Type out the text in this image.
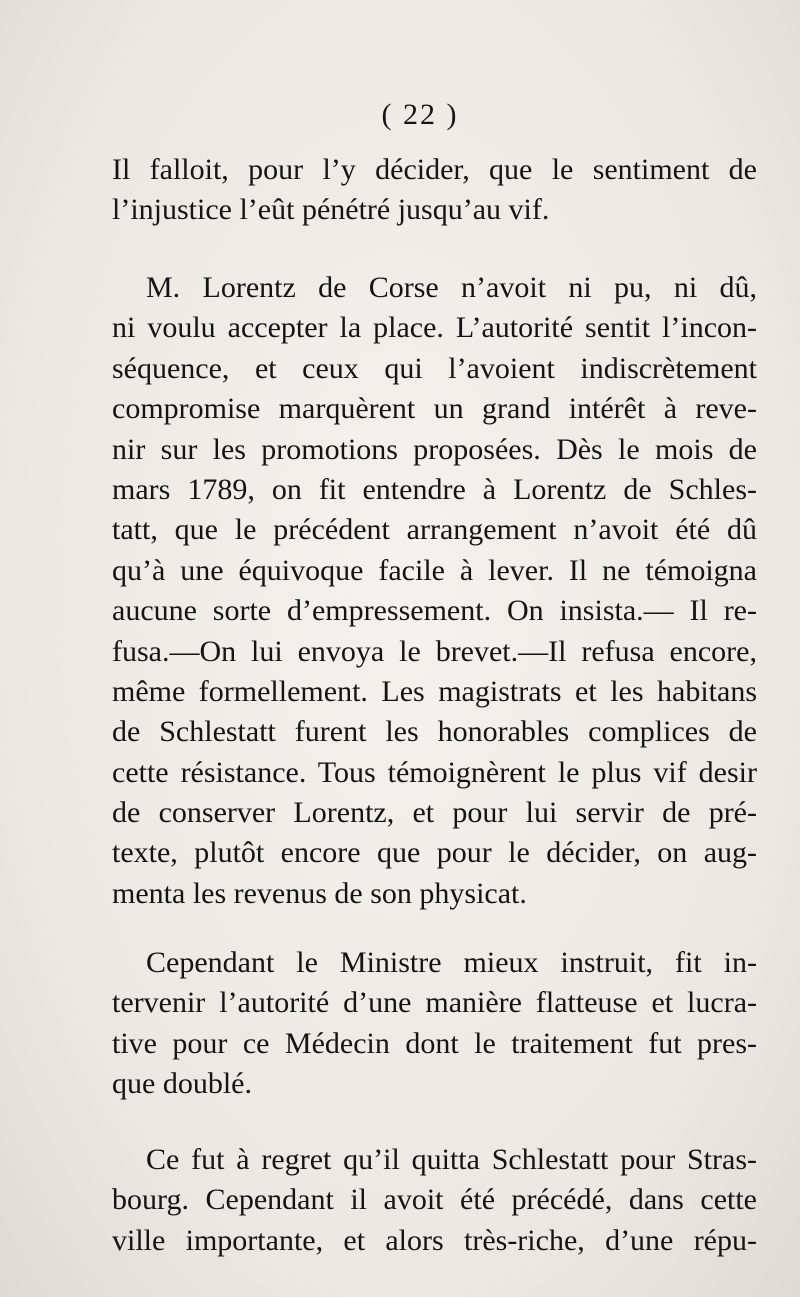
( 22 )
Il falloit, pour l’y décider, que le sentiment de
l’injustice l’eût pénétré jusqu’au vif.
M. Lorentz de Corse n’avoit ni pu, ni dû,
ni voulu accepter la place. L’autorité sentit l’incon-
séquence, et ceux qui l’avoient indiscrètement
compromise marquèrent un grand intérêt à reve-
nir sur les promotions proposées. Dès le mois de
mars 1789, on fit entendre à Lorentz de Schles-
tatt, que le précédent arrangement n’avoit été dû
qu’à une équivoque facile à lever. Il ne témoigna
aucune sorte d’empressement. On insista.— Il re-
fusa.—On lui envoya le brevet.—Il refusa encore,
même formellement. Les magistrats et les habitans
de Schlestatt furent les honorables complices de
cette résistance. Tous témoignèrent le plus vif desir
de conserver Lorentz, et pour lui servir de pré-
texte, plutôt encore que pour le décider, on aug-
menta les revenus de son physicat.
Cependant le Ministre mieux instruit, fit in-
tervenir l’autorité d’une manière flatteuse et lucra-
tive pour ce Médecin dont le traitement fut pres-
que doublé.
Ce fut à regret qu’il quitta Schlestatt pour Stras-
bourg. Cependant il avoit été précédé, dans cette
ville importante, et alors très-riche, d’une répu-
